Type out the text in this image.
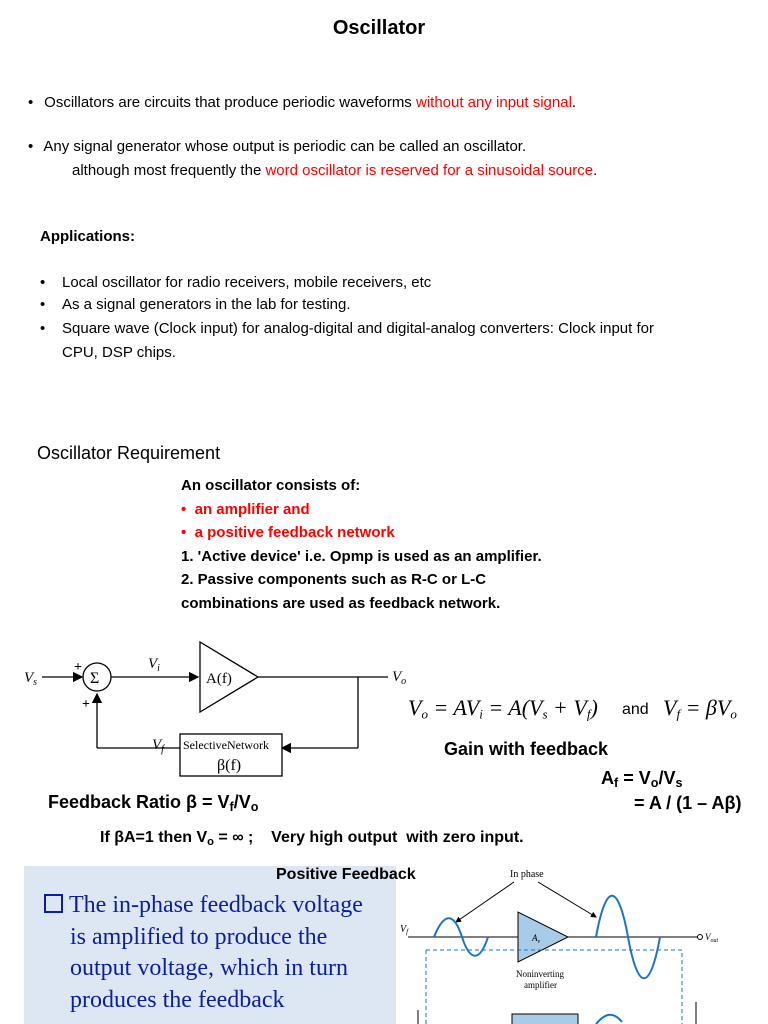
Oscillator
• Oscillators are circuits that produce periodic waveforms without any input signal.
• Any signal generator whose output is periodic can be called an oscillator.
although most frequently the word oscillator is reserved for a sinusoidal source.
Applications:
• Local oscillator for radio receivers, mobile receivers, etc
• As a signal generators in the lab for testing.
• Square wave (Clock input) for analog-digital and digital-analog converters: Clock input for
CPU, DSP chips.
Oscillator Requirement
An oscillator consists of:
• an amplifier and
• a positive feedback network
1. 'Active device' i.e. Opmp is used as an amplifier.
2. Passive components such as R-C or L-C
combinations are used as feedback network.
$V_s$	Σ
+
+
$V_i$
A(f)	$V_o$
$V_f$ SelectiveNetwork
β(f)
$V_o = AV_i = A(V_s + V_f)$ and $V_f = \beta V_o$
Gain with feedback
$A_f = V_o/V_s$
= A / (1 – Aβ)
Feedback Ratio $\beta = V_f/V_o$
If βA=1 then $V_o$ = ∞ ;    Very high output  with zero input.
Positive Feedback
The in-phase feedback voltage
is amplified to produce the
output voltage, which in turn
produces the feedback
In phase
$V_f$
$A_v$	$V_{out}$
Noninverting
amplifier
